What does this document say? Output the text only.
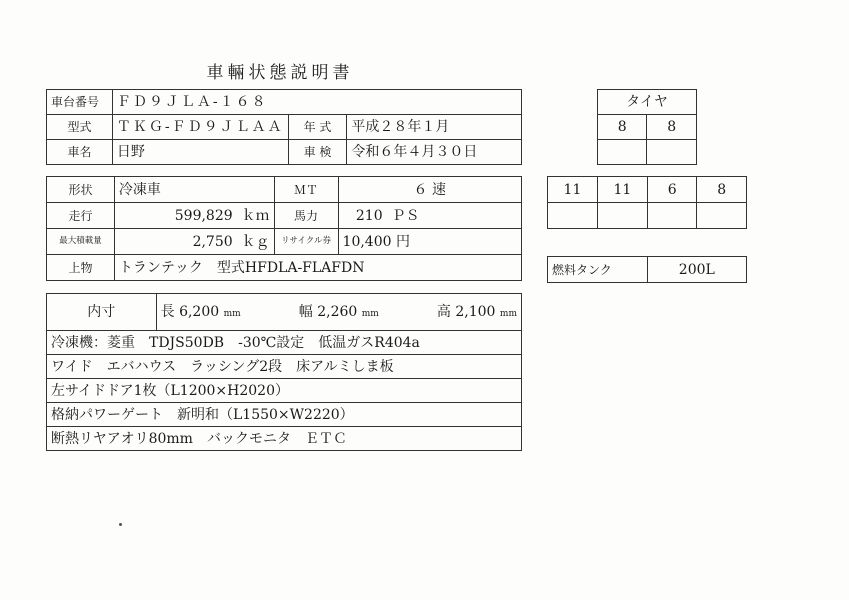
車輛状態説明書
車台番号	ＦＤ９ＪＬＡ-１６８		
型式	ＴＫＧ-ＦＤ９ＪＬＡＡ	年 式	平成２８年１月
車名	日野	車 検	令和６年４月３０日
形状	冷凍車	ＭＴ	６ 速
走行	599,829 ｋｍ	馬力	210 ＰＳ
最大積載量	2,750 ｋｇ	リサイクル券	10,400 円
上物	トランテック　型式HFDLA-FLAFDN		
内寸	長 6,200 mm	幅 2,260 mm	高 2,100 mm

冷凍機：菱重　TDJS50DB　-30℃設定　低温ガスR404a
ワイド　エバハウス　ラッシング2段　床アルミしま板
左サイドドア1枚（L1200×H2020）
格納パワーゲート　新明和（L1550×W2220）
断熱リヤアオリ80mm　バックモニタ　ＥＴＣ
タイヤ	
8	8

11	11	6	8

燃料タンク	200L
